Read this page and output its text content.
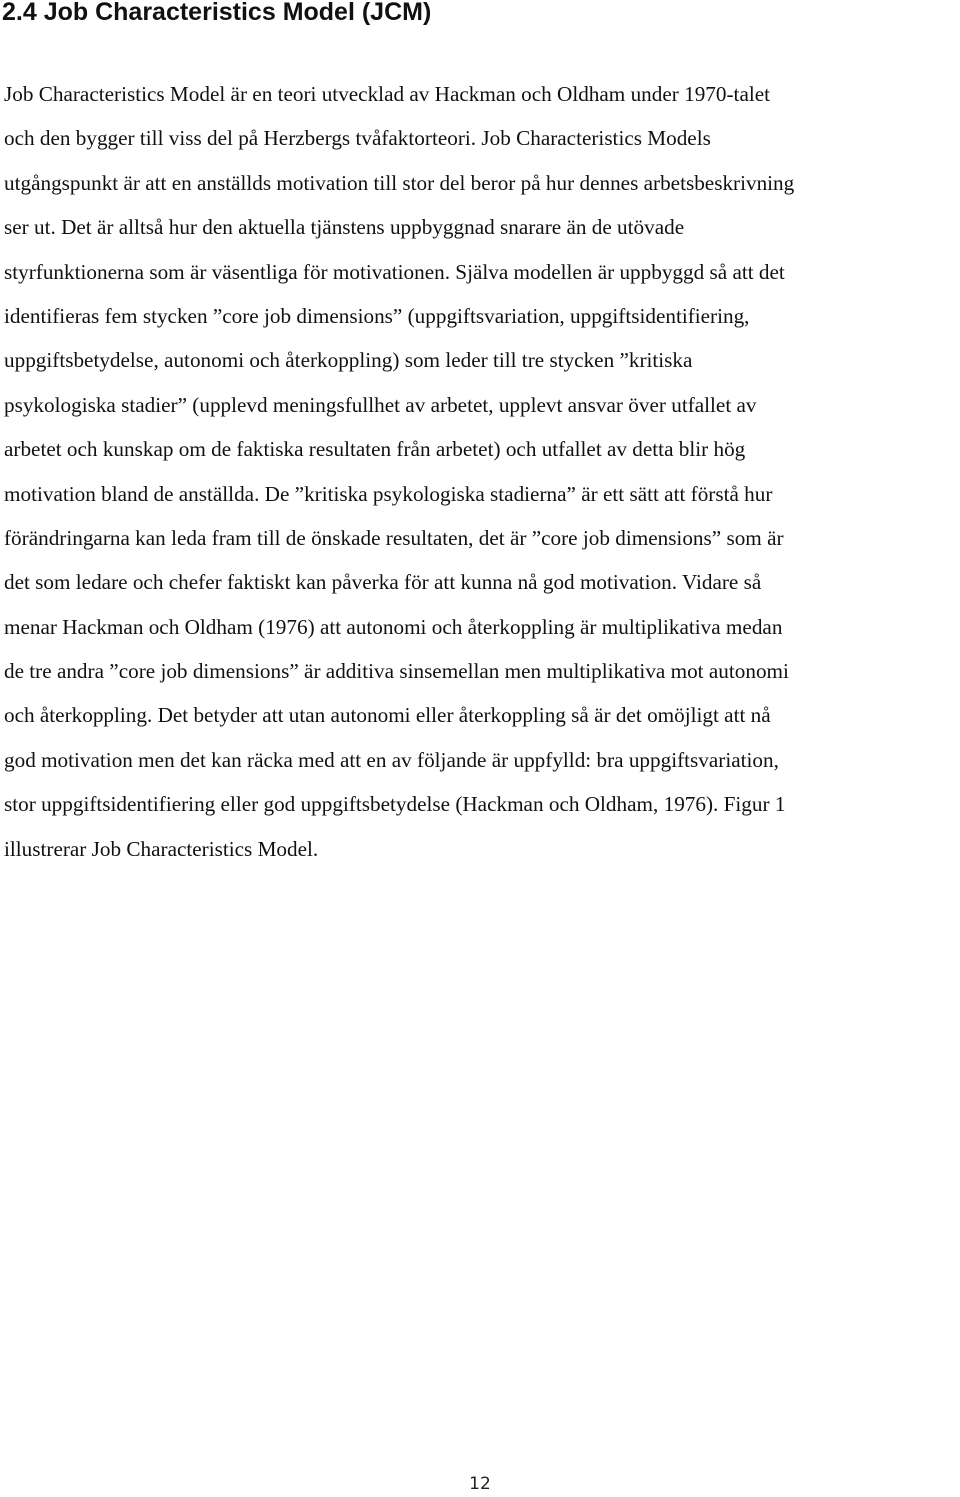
2.4 Job Characteristics Model (JCM)
Job Characteristics Model är en teori utvecklad av Hackman och Oldham under 1970-talet
och den bygger till viss del på Herzbergs tvåfaktorteori. Job Characteristics Models
utgångspunkt är att en anställds motivation till stor del beror på hur dennes arbetsbeskrivning
ser ut. Det är alltså hur den aktuella tjänstens uppbyggnad snarare än de utövade
styrfunktionerna som är väsentliga för motivationen. Själva modellen är uppbyggd så att det
identifieras fem stycken ”core job dimensions” (uppgiftsvariation, uppgiftsidentifiering,
uppgiftsbetydelse, autonomi och återkoppling) som leder till tre stycken ”kritiska
psykologiska stadier” (upplevd meningsfullhet av arbetet, upplevt ansvar över utfallet av
arbetet och kunskap om de faktiska resultaten från arbetet) och utfallet av detta blir hög
motivation bland de anställda. De ”kritiska psykologiska stadierna” är ett sätt att förstå hur
förändringarna kan leda fram till de önskade resultaten, det är ”core job dimensions” som är
det som ledare och chefer faktiskt kan påverka för att kunna nå god motivation. Vidare så
menar Hackman och Oldham (1976) att autonomi och återkoppling är multiplikativa medan
de tre andra ”core job dimensions” är additiva sinsemellan men multiplikativa mot autonomi
och återkoppling. Det betyder att utan autonomi eller återkoppling så är det omöjligt att nå
god motivation men det kan räcka med att en av följande är uppfylld: bra uppgiftsvariation,
stor uppgiftsidentifiering eller god uppgiftsbetydelse (Hackman och Oldham, 1976). Figur 1
illustrerar Job Characteristics Model.
12
